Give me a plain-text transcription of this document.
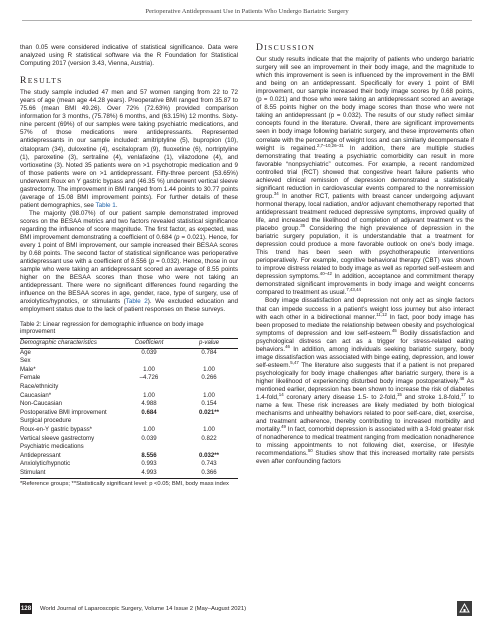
Perioperative Antidepressant Use in Patients Who Undergo Bariatric Surgery

than 0.05 were considered indicative of statistical significance. Data were analyzed using R statistical software via the R Foundation for Statistical Computing 2017 (version 3.43, Vienna, Austria).

RESULTS

The study sample included 47 men and 57 women ranging from 22 to 72 years of age (mean age 44.28 years). Preoperative BMI ranged from 35.87 to 75.66 (mean BMI 49.26). Over 72% (72.63%) provided comparison information for 3 months, (75.78%) 6 months, and (63.15%) 12 months. Sixty-nine percent (69%) of our samples were taking psychiatric medications, and 57% of those medications were antidepressants. Represented antidepressants in our sample included: amitriptyline (5), bupropion (10), citalopram (34), duloxetine (4), escitalopram (9), fluoxetine (6), nortriptyline (1), paroxetine (3), sertraline (4), venlafaxine (1), vilazodone (4), and vortioxetine (3). Noted 35 patients were on >1 psychotropic medication and 9 of those patients were on >1 antidepressant. Fifty-three percent (53.65%) underwent Roux en Y gastric bypass and (46.35 %) underwent vertical sleeve gastrectomy. The improvement in BMI ranged from 1.44 points to 30.77 points (average of 15.08 BMI improvement points). For further details of these patient demographics, see Table 1.

The majority (98.07%) of our patient sample demonstrated improved scores on the BESAA metrics and two factors revealed statistical significance regarding the influence of score magnitude. The first factor, as expected, was BMI improvement demonstrating a coefficient of 0.684 (p = 0.021). Hence, for every 1 point of BMI improvement, our sample increased their BESAA scores by 0.68 points. The second factor of statistical significance was perioperative antidepressant use with a coefficient of 8.556 (p = 0.032). Hence, those in our sample who were taking an antidepressant scored an average of 8.55 points higher on the BESAA scores than those who were not taking an antidepressant. There were no significant differences found regarding the influence on the BESAA scores in age, gender, race, type of surgery, use of anxiolytics/hypnotics, or stimulants (Table 2). We excluded education and employment status due to the lack of patient responses on these surveys.

Table 2: Linear regression for demographic influence on body image improvement
Demographic characteristics	Coefficient	p-value
Age	0.039	0.784
Sex		
Male*	1.00	1.00
Female	–4.726	0.266
Race/ethnicity		
Caucasian*	1.00	1.00
Non-Caucasian	4.988	0.154
Postoperative BMI improvement	0.684	0.021**
Surgical procedure		
Roux-en-Y gastric bypass*	1.00	1.00
Vertical sleeve gastrectomy	0.039	0.822
Psychiatric medications		
Antidepressant	8.556	0.032**
Anxiolytic/hypnotic	0.993	0.743
Stimulant	4.993	0.366
*Reference groups; **Statistically significant level: p <0.05; BMI, body mass index
DISCUSSION

Our study results indicate that the majority of patients who undergo bariatric surgery will see an improvement in their body image, and the magnitude to which this improvement is seen is influenced by the improvement in the BMI and being on an antidepressant. Specifically for every 1 point of BMI improvement, our sample increased their body image scores by 0.68 points, (p = 0.021) and those who were taking an antidepressant scored an average of 8.55 points higher on the body image scores than those who were not taking an antidepressant (p = 0.032). The results of our study reflect similar concepts found in the literature. Overall, there are significant improvements seen in body image following bariatric surgery, and these improvements often correlate with the percentage of weight loss and can similarly decompensate if weight is regained.$^{2,7-10,26-31}$ In addition, there are multiple studies demonstrating that treating a psychiatric comorbidity can result in more favorable “nonpsychiatric” outcomes. For example, a recent randomized controlled trial (RCT) showed that congestive heart failure patients who achieved clinical remission of depression demonstrated a statistically significant reduction in cardiovascular events compared to the nonremission group.$^{34}$ In another RCT, patients with breast cancer undergoing adjuvant hormonal therapy, local radiation, and/or adjuvant chemotherapy reported that antidepressant treatment reduced depressive symptoms, improved quality of life, and increased the likelihood of completion of adjuvant treatment vs the placebo group.$^{35}$ Considering the high prevalence of depression in the bariatric surgery population, it is understandable that a treatment for depression could produce a more favorable outlook on one’s body image. This trend has been seen with psychotherapeutic interventions perioperatively. For example, cognitive behavioral therapy (CBT) was shown to improve distress related to body image as well as reported self-esteem and depression symptoms.$^{40-42}$ In addition, acceptance and commitment therapy demonstrated significant improvements in body image and weight concerns compared to treatment as usual.$^{7,43,44}$

Body image dissatisfaction and depression not only act as single factors that can impede success in a patient’s weight loss journey but also interact with each other in a bidirectional manner.$^{11,12}$ In fact, poor body image has been proposed to mediate the relationship between obesity and psychological symptoms of depression and low self-esteem.$^{45}$ Bodily dissatisfaction and psychological distress can act as a trigger for stress-related eating behaviors.$^{46}$ In addition, among individuals seeking bariatric surgery, body image dissatisfaction was associated with binge eating, depression, and lower self-esteem.$^{5,47}$ The literature also suggests that if a patient is not prepared psychologically for body image challenges after bariatric surgery, there is a higher likelihood of experiencing disturbed body image postoperatively.$^{48}$ As mentioned earlier, depression has been shown to increase the risk of diabetes 1.4-fold,$^{14}$ coronary artery disease 1.5- to 2-fold,$^{15}$ and stroke 1.8-fold,$^{17}$ to name a few. These risk increases are likely mediated by both biological mechanisms and unhealthy behaviors related to poor self-care, diet, exercise, and treatment adherence, thereby contributing to increased morbidity and mortality.$^{49}$ In fact, comorbid depression is associated with a 3-fold greater risk of nonadherence to medical treatment ranging from medication nonadherence to missing appointments to not following diet, exercise, or lifestyle recommendations.$^{50}$ Studies show that this increased mortality rate persists even after confounding factors

128 World Journal of Laparoscopic Surgery, Volume 14 Issue 2 (May–August 2021)
